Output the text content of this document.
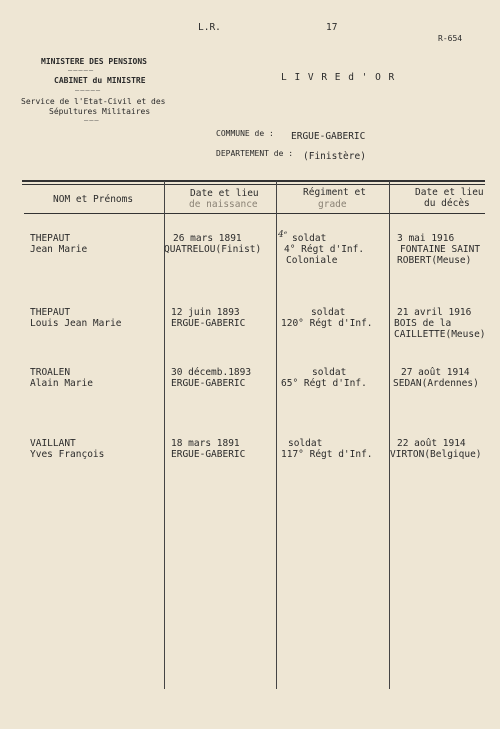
L.R.	17
R-654
MINISTERE DES PENSIONS
–––––
CABINET du MINISTRE
–––––
Service de l'Etat-Civil et des
Sépultures Militaires
–––
L I V R E d ' O R
COMMUNE de : ERGUE-GABERIC
DEPARTEMENT de : (Finistère)
NOM et Prénoms
Date et lieu
de naissance
Régiment et
grade
Date et lieu
du décès
THEPAUT
Jean Marie
26 mars 1891
QUATRELOU(Finist)
soldat
4° Régt d'Inf.
Coloniale
3 mai 1916
FONTAINE SAINT
ROBERT(Meuse)
4ᵉ
THEPAUT
Louis Jean Marie
12 juin 1893
ERGUE-GABERIC
soldat
120° Régt d'Inf.
21 avril 1916
BOIS de la
CAILLETTE(Meuse)
TROALEN
Alain Marie
30 décemb.1893
ERGUE-GABERIC
soldat
65° Régt d'Inf.
27 août 1914
SEDAN(Ardennes)
VAILLANT
Yves François
18 mars 1891
ERGUE-GABERIC
soldat
117° Régt d'Inf.
22 août 1914
VIRTON(Belgique)
